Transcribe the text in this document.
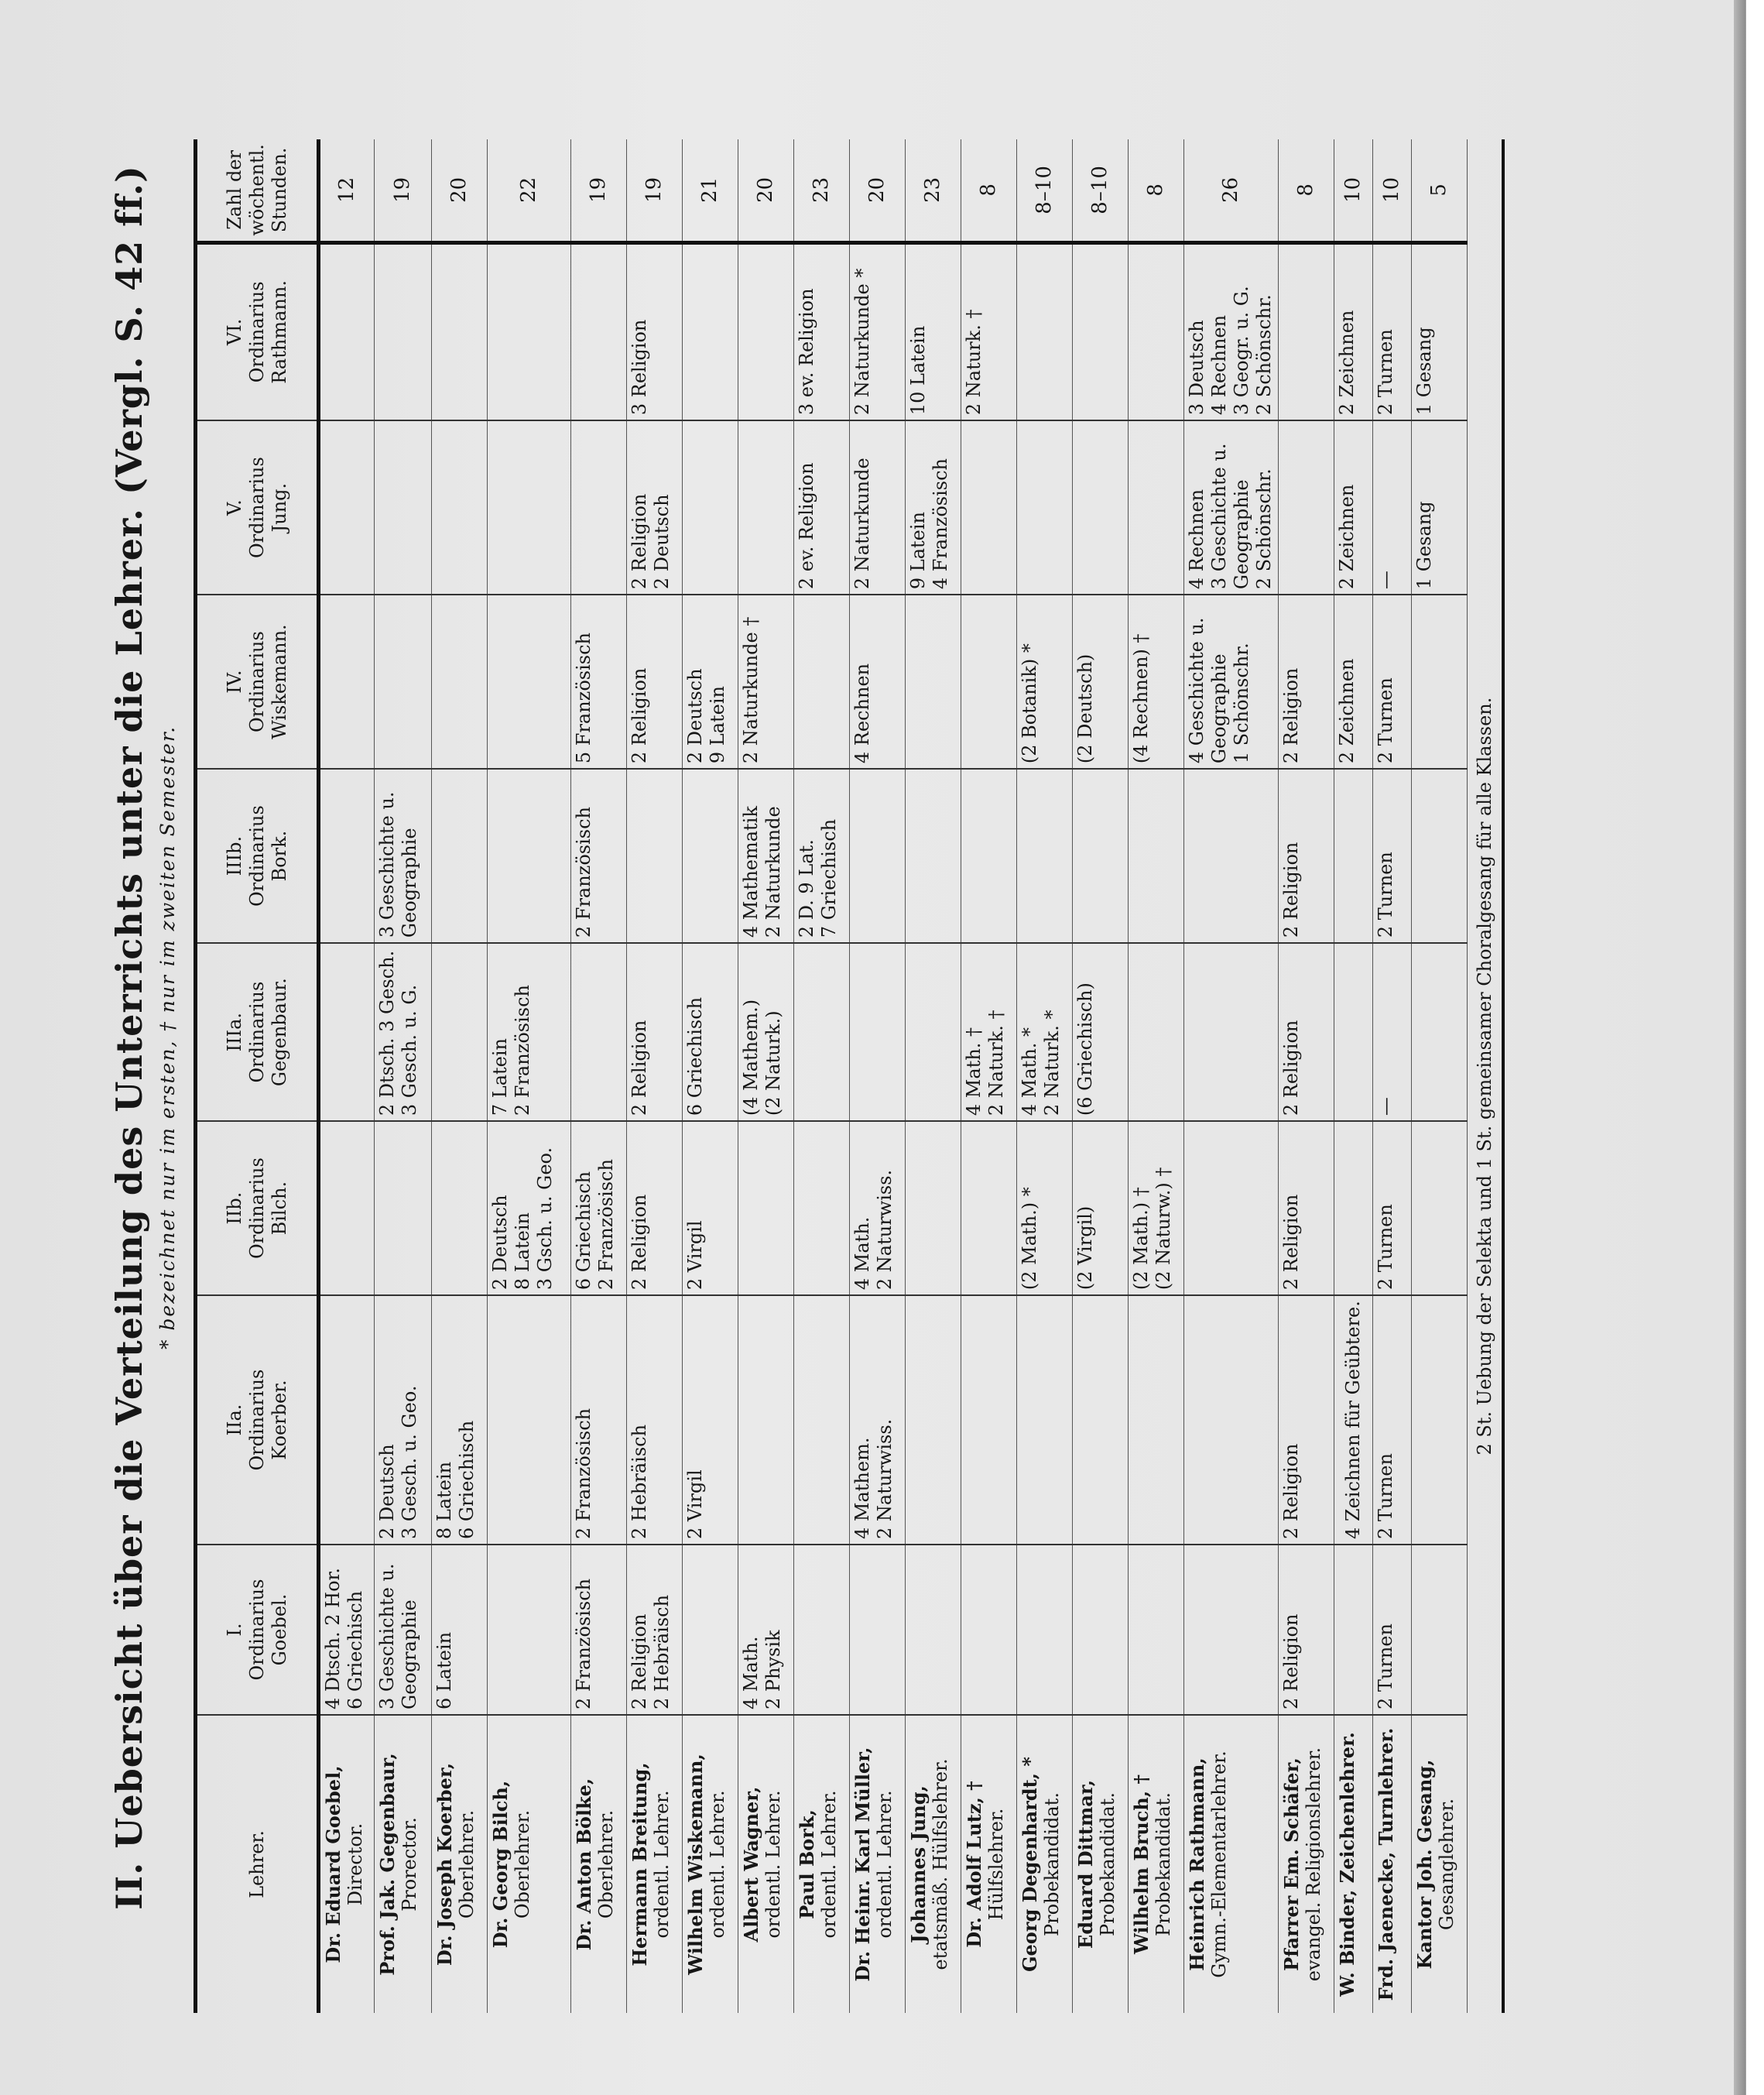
II. Uebersicht über die Verteilung des Unterrichts unter die Lehrer. (Vergl. S. 42 ff.) * bezeichnet nur im ersten, † nur im zweiten Semester.
Lehrer.	I. Ordinarius Goebel.	IIa. Ordinarius Koerber.	IIb. Ordinarius Bilch.	IIIa. Ordinarius Gegenbaur.	IIIb. Ordinarius Bork.	IV. Ordinarius Wiskemann.	V. Ordinarius Jung.	VI. Ordinarius Rathmann.	Zahl der wöchentl. Stunden.

Dr. Eduard Goebel, Director.	4 Dtsch. 2 Hor. 6 Griechisch								12

Prof. Jak. Gegenbaur, Prorector.	3 Geschichte u. Geographie	2 Deutsch 3 Gesch. u. Geo.		2 Dtsch. 3 Gesch. 3 Gesch. u. G.	3 Geschichte u. Geographie				19

Dr. Joseph Koerber, Oberlehrer.	6 Latein	8 Latein 6 Griechisch							20

Dr. Georg Bilch, Oberlehrer.			2 Deutsch 8 Latein 3 Gsch. u. Geo.	7 Latein 2 Französisch					22

Dr. Anton Bölke, Oberlehrer.	2 Französisch	2 Französisch	6 Griechisch 2 Französisch		2 Französisch	5 Französisch			19

Hermann Breitung, ordentl. Lehrer.	2 Religion 2 Hebräisch	2 Hebräisch	2 Religion	2 Religion		2 Religion	2 Religion 2 Deutsch	3 Religion	19

Wilhelm Wiskemann, ordentl. Lehrer.		2 Virgil	2 Virgil	6 Griechisch		2 Deutsch 9 Latein			21

Albert Wagner, ordentl. Lehrer.	4 Math. 2 Physik			(4 Mathem.) (2 Naturk.)	4 Mathematik 2 Naturkunde	2 Naturkunde †			20

Paul Bork, ordentl. Lehrer.					2 D. 9 Lat. 7 Griechisch		2 ev. Religion	3 ev. Religion	23

Dr. Heinr. Karl Müller, ordentl. Lehrer.		4 Mathem. 2 Naturwiss.	4 Math. 2 Naturwiss.			4 Rechnen	2 Naturkunde	2 Naturkunde *	20

Johannes Jung, etatsmäß. Hülfslehrer.							9 Latein 4 Französisch	10 Latein	23

Dr. Adolf Lutz, † Hülfslehrer.				4 Math. † 2 Naturk. †				2 Naturk. †	8

Georg Degenhardt, * Probekandidat.			(2 Math.) *	4 Math. * 2 Naturk. *		(2 Botanik) *			8–10

Eduard Dittmar, Probekandidat.			(2 Virgil)	(6 Griechisch)		(2 Deutsch)			8–10

Wilhelm Bruch, † Probekandidat.			(2 Math.) † (2 Naturw.) †			(4 Rechnen) †			8

Heinrich Rathmann, Gymn.-Elementarlehrer.						4 Geschichte u. Geographie 1 Schönschr.	4 Rechnen 3 Geschichte u. Geographie 2 Schönschr.	3 Deutsch 4 Rechnen 3 Geogr. u. G. 2 Schönschr.	26

Pfarrer Em. Schäfer, evangel. Religionslehrer.	2 Religion	2 Religion	2 Religion	2 Religion	2 Religion	2 Religion			8

W. Binder, Zeichenlehrer.		4 Zeichnen für Geübtere.				2 Zeichnen	2 Zeichnen	2 Zeichnen	10

Frd. Jaenecke, Turnlehrer.	2 Turnen	2 Turnen	2 Turnen	—	2 Turnen	2 Turnen	—	2 Turnen	10

Kantor Joh. Gesang, Gesanglehrer.							1 Gesang	1 Gesang	5
2 St. Uebung der Selekta und 1 St. gemeinsamer Choralgesang für alle Klassen.									
